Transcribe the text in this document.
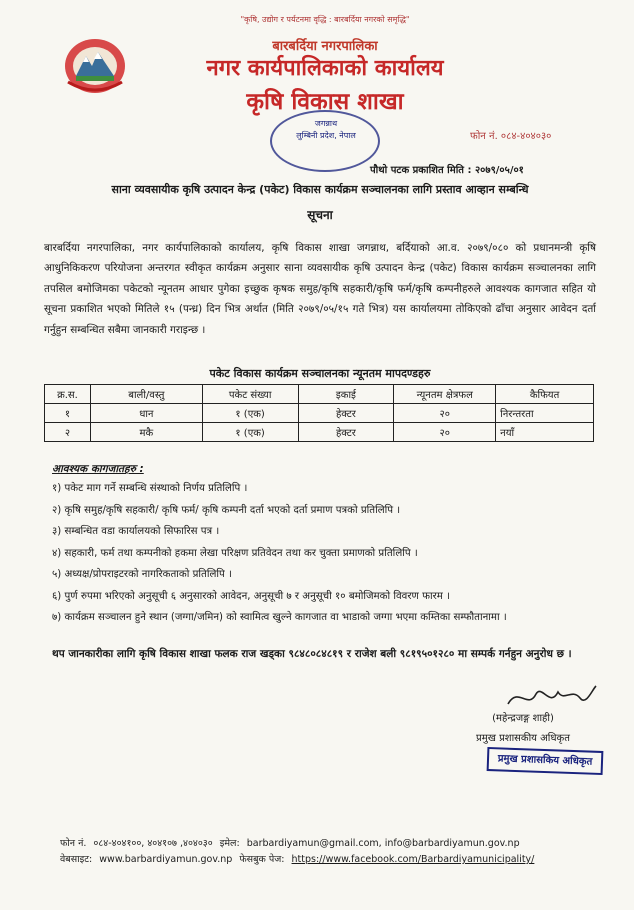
"कृषि, उद्योग र पर्यटनमा वृद्धि : बारबर्दिया नगरको समृद्धि"
बारबर्दिया नगरपालिका
नगर कार्यपालिकाको कार्यालय
कृषि विकास शाखा
जगन्नाथ
लुम्बिनी प्रदेश, नेपाल	फोन नं. ०८४-४०४०३०
पौथो पटक प्रकाशित मिति : २०७९/०५/०१
साना व्यवसायीक कृषि उत्पादन केन्द्र (पकेट) विकास कार्यक्रम सञ्चालनका लागि प्रस्ताव आव्हान सम्बन्धि
सूचना

बारबर्दिया नगरपालिका, नगर कार्यपालिकाको कार्यालय, कृषि विकास शाखा जगन्नाथ, बर्दियाको आ.व. २०७९/०८० को प्रधानमन्त्री कृषि आधुनिकिकरण परियोजना अन्तरगत स्वीकृत कार्यक्रम अनुसार साना व्यवसायीक कृषि उत्पादन केन्द्र (पकेट) विकास कार्यक्रम सञ्चालनका लागि तपसिल बमोजिमका पकेटको न्यूनतम आधार पुगेका इच्छुक कृषक समुह/कृषि सहकारी/कृषि फर्म/कृषि कम्पनीहरुले आवश्यक कागजात सहित यो सूचना प्रकाशित भएको मितिले १५ (पन्ध्र) दिन भित्र अर्थात (मिति २०७९/०५/१५ गते भित्र) यस कार्यालयमा तोकिएको ढाँचा अनुसार आवेदन दर्ता गर्नुहुन सम्बन्धित सबैमा जानकारी गराइन्छ ।

पकेट विकास कार्यक्रम सञ्चालनका न्यूनतम मापदण्डहरु
क्र.स.	बाली/वस्तु	पकेट संख्या	इकाई	न्यूनतम क्षेत्रफल	कैफियत
१	धान	१ (एक)	हेक्टर	२०	निरन्तरता
२	मकै	१ (एक)	हेक्टर	२०	नयाँ
आवश्यक कागजातहरु :
१) पकेट माग गर्ने सम्बन्धि संस्थाको निर्णय प्रतिलिपि ।
२) कृषि समुह/कृषि सहकारी/ कृषि फर्म/ कृषि कम्पनी दर्ता भएको दर्ता प्रमाण पत्रको प्रतिलिपि ।
३) सम्बन्धित वडा कार्यालयको सिफारिस पत्र ।
४) सहकारी, फर्म तथा कम्पनीको हकमा लेखा परिक्षण प्रतिवेदन तथा कर चुक्ता प्रमाणको प्रतिलिपि ।
५) अध्यक्ष/प्रोपराइटरको नागरिकताको प्रतिलिपि ।
६) पुर्ण रुपमा भरिएको अनुसूची ६ अनुसारको आवेदन, अनुसूची ७ र अनुसूची १० बमोजिमको विवरण फारम ।
७) कार्यक्रम सञ्चालन हुने स्थान (जग्गा/जमिन) को स्वामित्व खुल्ने कागजात वा भाडाको जग्गा भएमा कम्तिका सम्फौतानामा ।

थप जानकारीका लागि कृषि विकास शाखा फलक राज खड्का ९८४८०८४८१९ र राजेश बली ९८१९५०१२८० मा सम्पर्क गर्नहुन अनुरोध छ ।

(महेन्द्रजङ्ग शाही)
प्रमुख प्रशासकीय अधिकृत
प्रमुख प्रशासकिय अधिकृत
फोन नं. ०८४-४०४१००, ४०४१०७ ,४०४०३० इमेल: barbardiyamun@gmail.com, info@barbardiyamun.gov.np
वेबसाइट: www.barbardiyamun.gov.np फेसबुक पेज: https://www.facebook.com/Barbardiyamunicipality/
